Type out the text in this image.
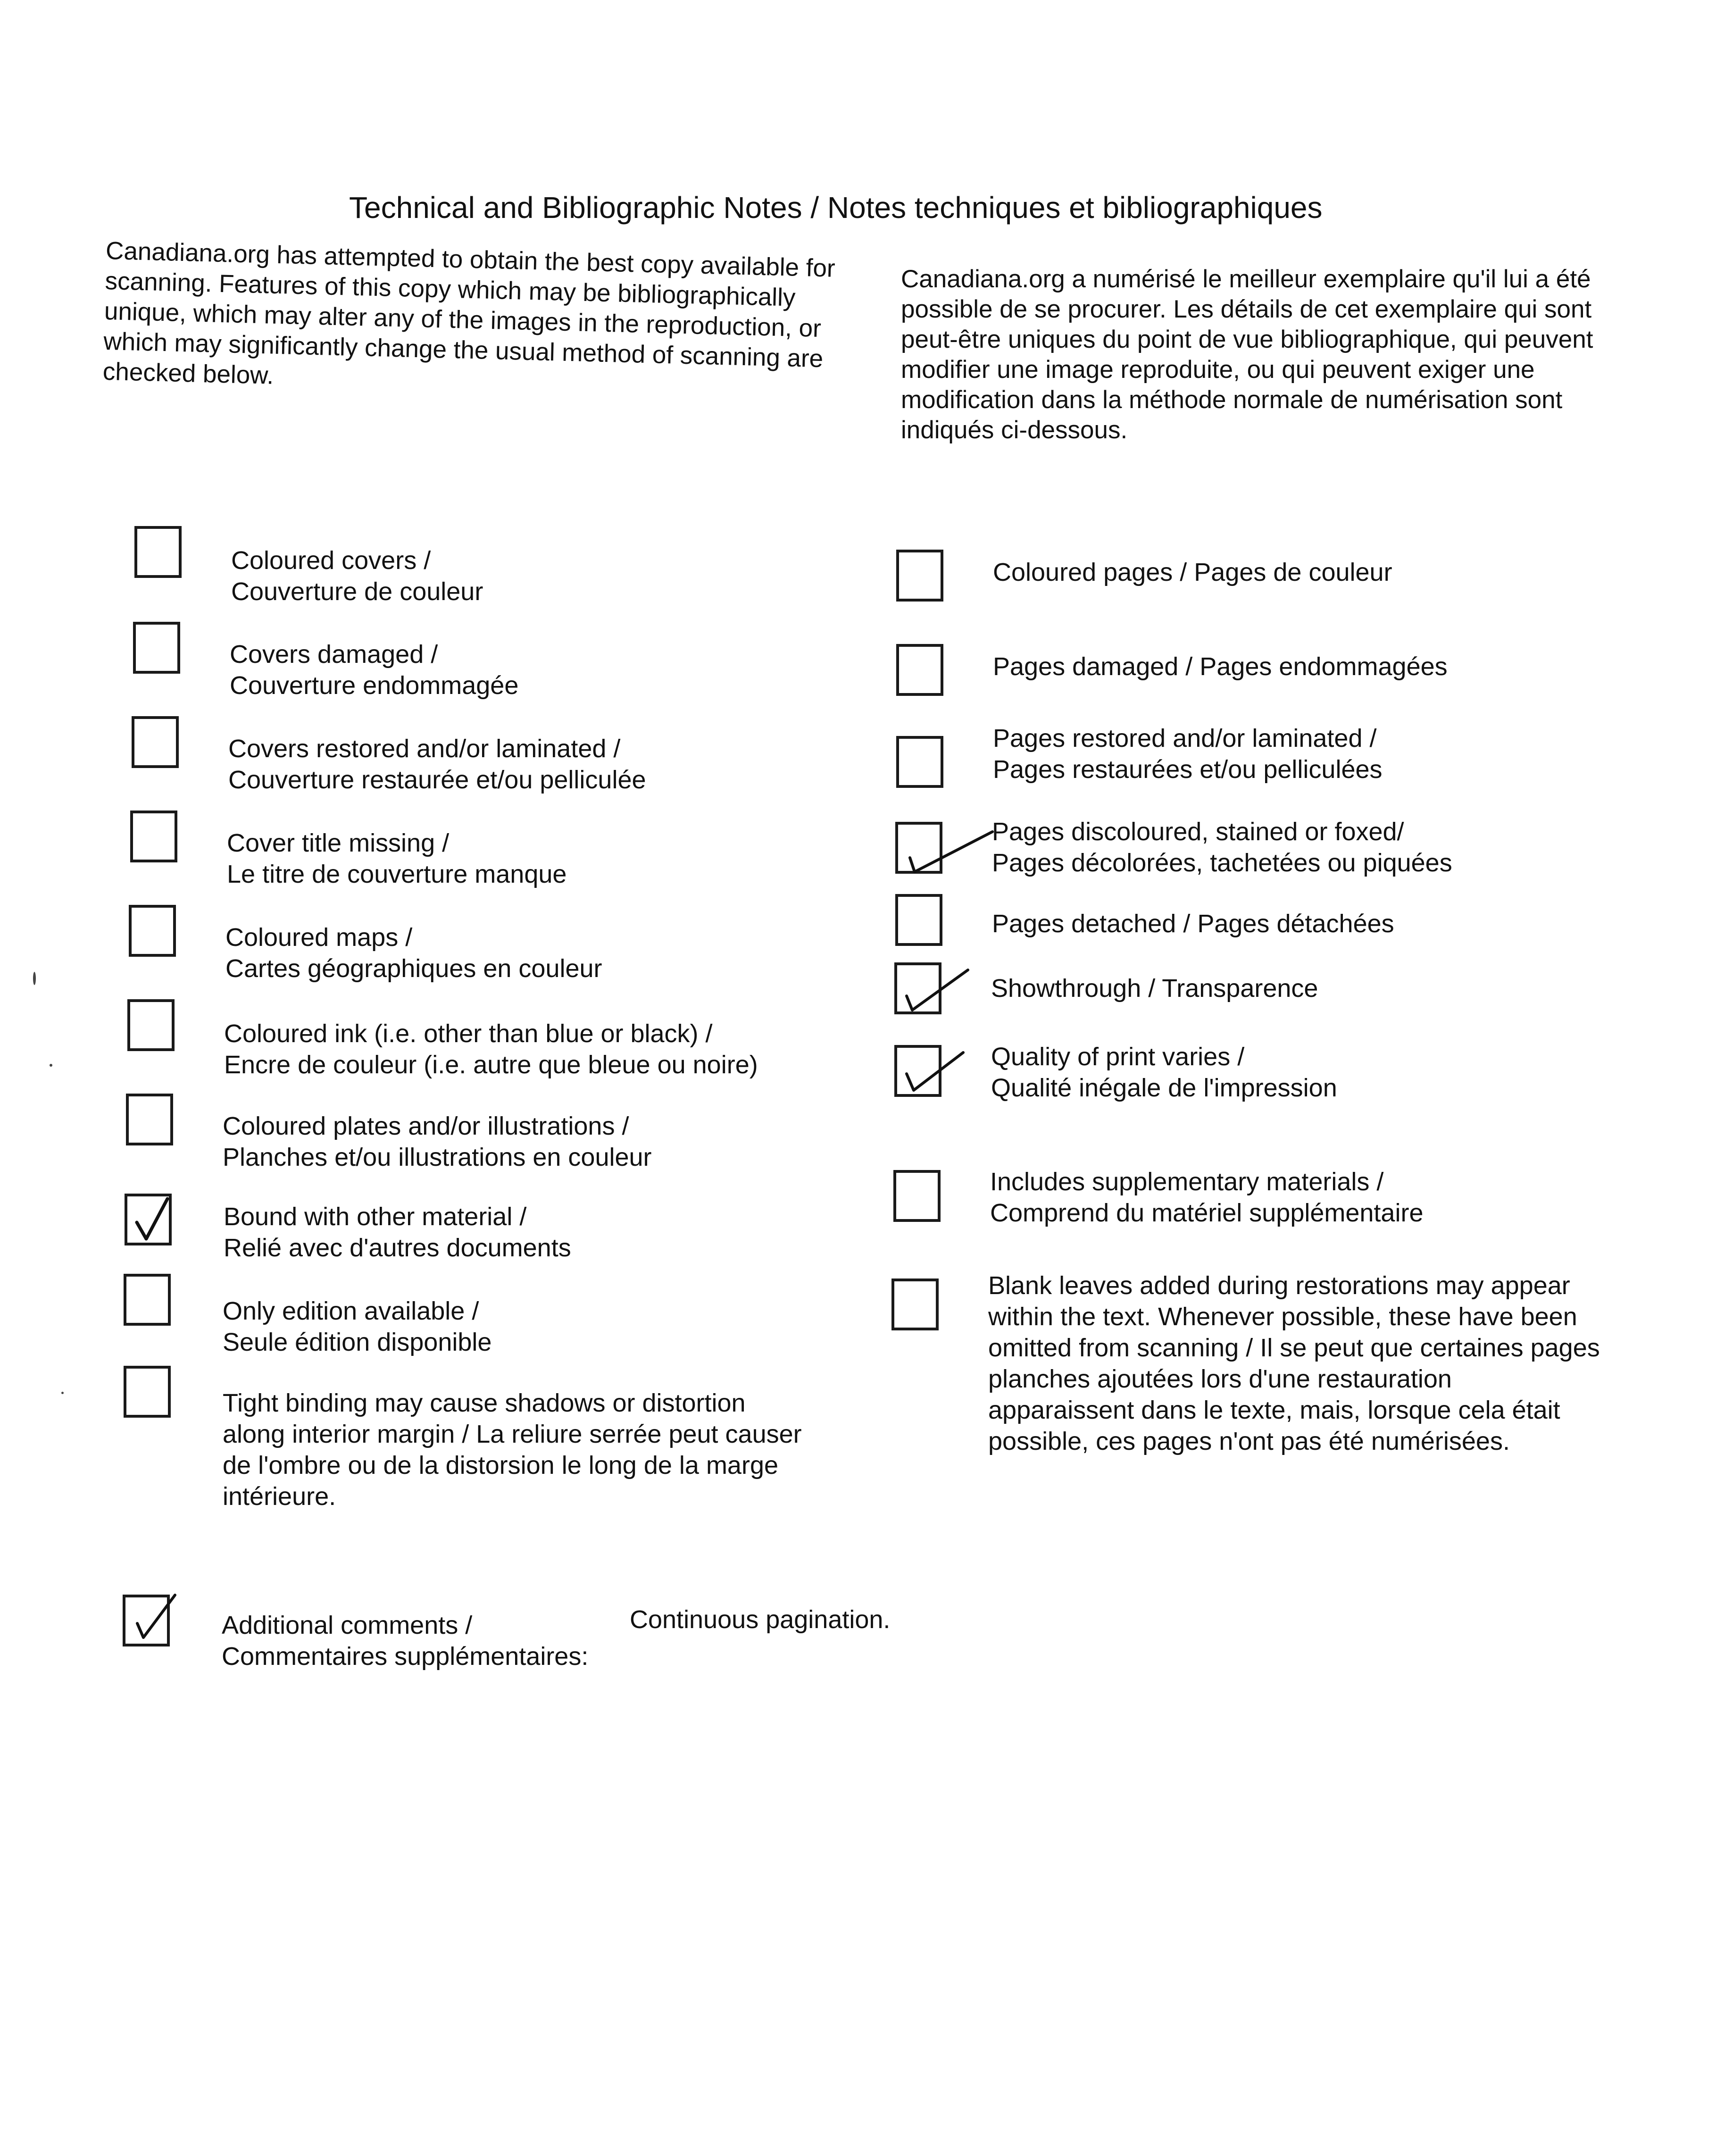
Technical and Bibliographic Notes / Notes techniques et bibliographiques

Canadiana.org has attempted to obtain the best copy available for scanning. Features of this copy which may be bibliographically unique, which may alter any of the images in the reproduction, or which may significantly change the usual method of scanning are checked below.

Canadiana.org a numérisé le meilleur exemplaire qu'il lui a été possible de se procurer. Les détails de cet exemplaire qui sont peut-être uniques du point de vue bibliographique, qui peuvent modifier une image reproduite, ou qui peuvent exiger une modification dans la méthode normale de numérisation sont indiqués ci-dessous.

Coloured covers /
Couverture de couleur
Covers damaged /
Couverture endommagée
Covers restored and/or laminated /
Couverture restaurée et/ou pelliculée
Cover title missing /
Le titre de couverture manque
Coloured maps /
Cartes géographiques en couleur
Coloured ink (i.e. other than blue or black) /
Encre de couleur (i.e. autre que bleue ou noire)
Coloured plates and/or illustrations /
Planches et/ou illustrations en couleur
Bound with other material /
Relié avec d'autres documents
Only edition available /
Seule édition disponible
Tight binding may cause shadows or distortion along interior margin / La reliure serrée peut causer de l'ombre ou de la distorsion le long de la marge intérieure.
Coloured pages / Pages de couleur
Pages damaged / Pages endommagées
Pages restored and/or laminated /
Pages restaurées et/ou pelliculées
Pages discoloured, stained or foxed/
Pages décolorées, tachetées ou piquées
Pages detached / Pages détachées
Showthrough / Transparence
Quality of print varies /
Qualité inégale de l'impression
Includes supplementary materials /
Comprend du matériel supplémentaire
Blank leaves added during restorations may appear within the text. Whenever possible, these have been omitted from scanning / Il se peut que certaines pages planches ajoutées lors d'une restauration apparaissent dans le texte, mais, lorsque cela était possible, ces pages n'ont pas été numérisées.
Additional comments /
Commentaires supplémentaires:
Continuous pagination.
